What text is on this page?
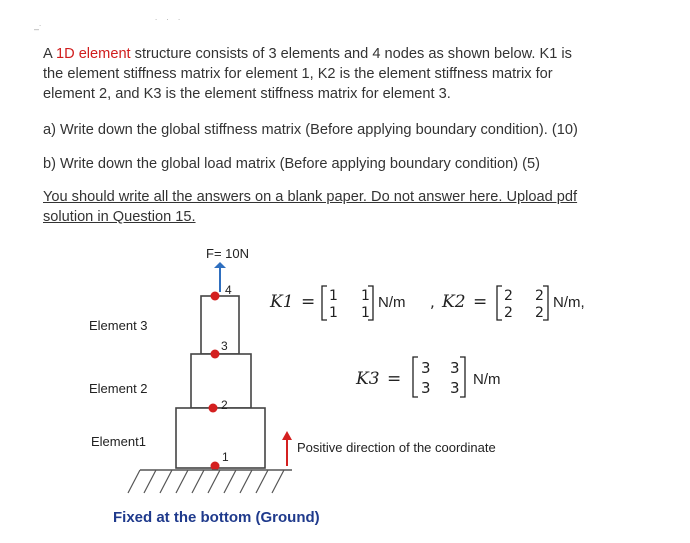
–˙
˙ ˙ ˙
A 1D element structure consists of 3 elements and 4 nodes as shown below. K1 is
the element stiffness matrix for element 1, K2 is the element stiffness matrix for
element 2, and K3 is the element stiffness matrix for element 3.
a) Write down the global stiffness matrix (Before applying boundary condition). (10)
b) Write down the global load matrix (Before applying boundary condition) (5)
You should write all the answers on a blank paper. Do not answer here. Upload pdf
solution in Question 15.
F= 10N
1
2
3
4
Element 3
Element 2
Element1
Fixed at the bottom (Ground)
Positive direction of the coordinate
K1 = 1 1
1 1
N/m , K2 = 2 2
2 2
N/m,
K3 =
3 3
3 3 N/m
